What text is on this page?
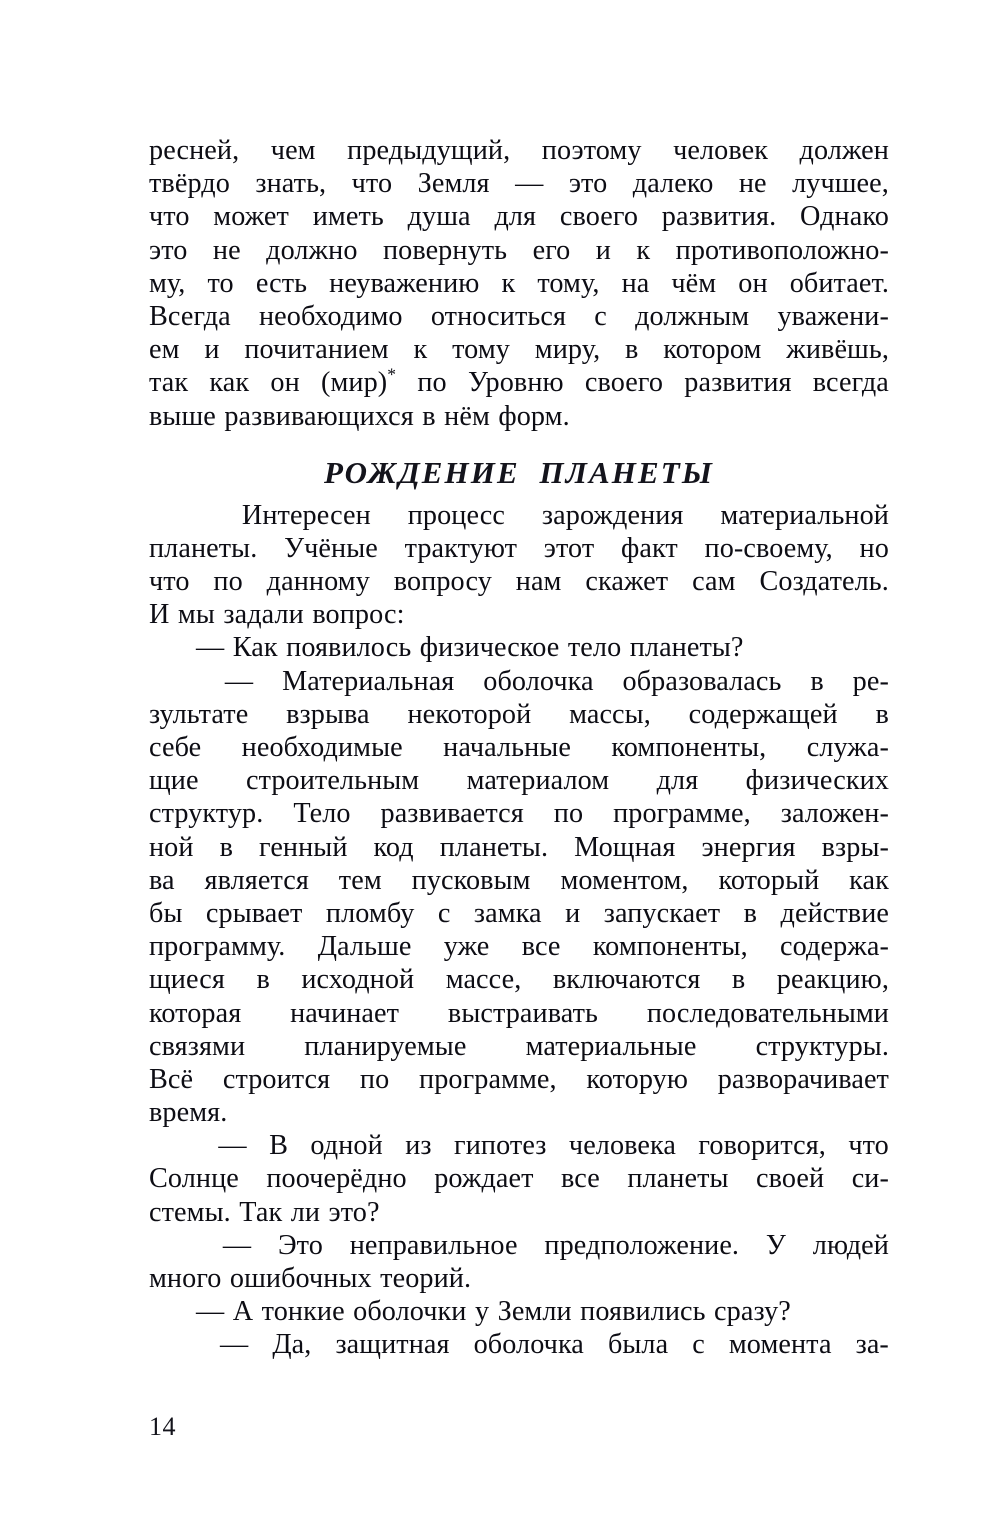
ресней, чем предыдущий, поэтому человек должен
твёрдо знать, что Земля — это далеко не лучшее,
что может иметь душа для своего развития. Однако
это не должно повернуть его и к противоположно-
му, то есть неуважению к тому, на чём он обитает.
Всегда необходимо относиться с должным уважени-
ем и почитанием к тому миру, в котором живёшь,
так как он (мир)* по Уровню своего развития всегда
выше развивающихся в нём форм.
Интересен процесс зарождения материальной
планеты. Учёные трактуют этот факт по-своему, но
что по данному вопросу нам скажет сам Создатель.
И мы задали вопрос:
— Как появилось физическое тело планеты?
— Материальная оболочка образовалась в ре-
зультате взрыва некоторой массы, содержащей в
себе необходимые начальные компоненты, служа-
щие строительным материалом для физических
структур. Тело развивается по программе, заложен-
ной в генный код планеты. Мощная энергия взры-
ва является тем пусковым моментом, который как
бы срывает пломбу с замка и запускает в действие
программу. Дальше уже все компоненты, содержа-
щиеся в исходной массе, включаются в реакцию,
которая начинает выстраивать последовательными
связями планируемые материальные структуры.
Всё строится по программе, которую разворачивает
время.
— В одной из гипотез человека говорится, что
Солнце поочерёдно рождает все планеты своей си-
стемы. Так ли это?
— Это неправильное предположение. У людей
много ошибочных теорий.
— А тонкие оболочки у Земли появились сразу?
— Да, защитная оболочка была с момента за-
РОЖДЕНИЕ  ПЛАНЕТЫ
14
